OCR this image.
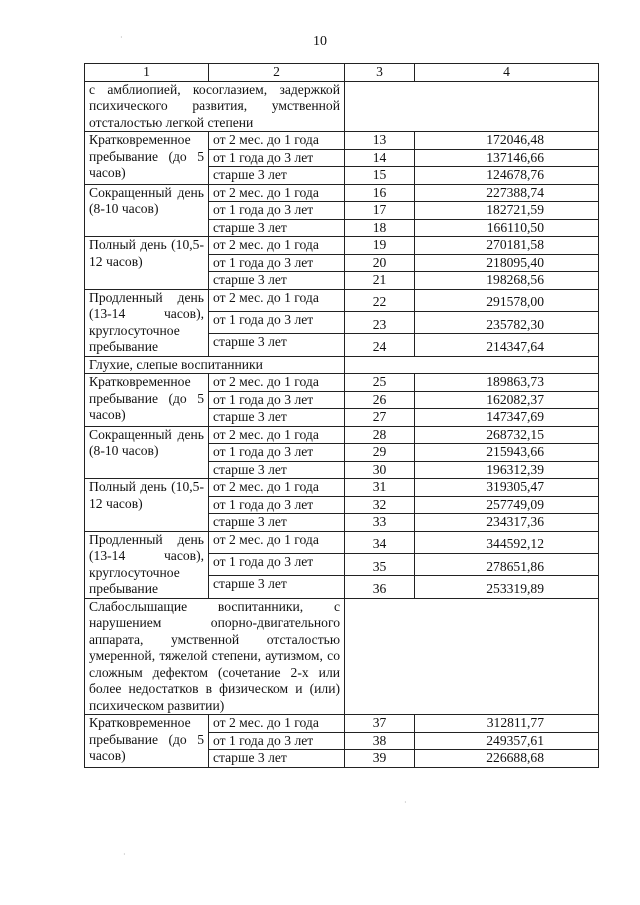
10
1	2	3	4
с амблиопией, косоглазием, задержкой психического развития, умственной отсталостью легкой степени			
Кратковременное пребывание (до 5 часов)	от 2 мес. до 1 года	13	172046,48
	от 1 года до 3 лет	14	137146,66
	старше 3 лет	15	124678,76
Сокращенный день (8-10 часов)	от 2 мес. до 1 года	16	227388,74
	от 1 года до 3 лет	17	182721,59
	старше 3 лет	18	166110,50
Полный день (10,5-12 часов)	от 2 мес. до 1 года	19	270181,58
	от 1 года до 3 лет	20	218095,40
	старше 3 лет	21	198268,56
Продленный день (13-14 часов), круглосуточное пребывание	от 2 мес. до 1 года	22	291578,00
	от 1 года до 3 лет	23	235782,30
	старше 3 лет	24	214347,64
Глухие, слепые воспитанники			
Кратковременное пребывание (до 5 часов)	от 2 мес. до 1 года	25	189863,73
	от 1 года до 3 лет	26	162082,37
	старше 3 лет	27	147347,69
Сокращенный день (8-10 часов)	от 2 мес. до 1 года	28	268732,15
	от 1 года до 3 лет	29	215943,66
	старше 3 лет	30	196312,39
Полный день (10,5-12 часов)	от 2 мес. до 1 года	31	319305,47
	от 1 года до 3 лет	32	257749,09
	старше 3 лет	33	234317,36
Продленный день (13-14 часов), круглосуточное пребывание	от 2 мес. до 1 года	34	344592,12
	от 1 года до 3 лет	35	278651,86
	старше 3 лет	36	253319,89
Слабослышащие воспитанники, с нарушением опорно-двигательного аппарата, умственной отсталостью умеренной, тяжелой степени, аутизмом, со сложным дефектом (сочетание 2-х или более недостатков в физическом и (или) психическом развитии)			
Кратковременное пребывание (до 5 часов)	от 2 мес. до 1 года	37	312811,77
	от 1 года до 3 лет	38	249357,61
	старше 3 лет	39	226688,68
·
·
·
